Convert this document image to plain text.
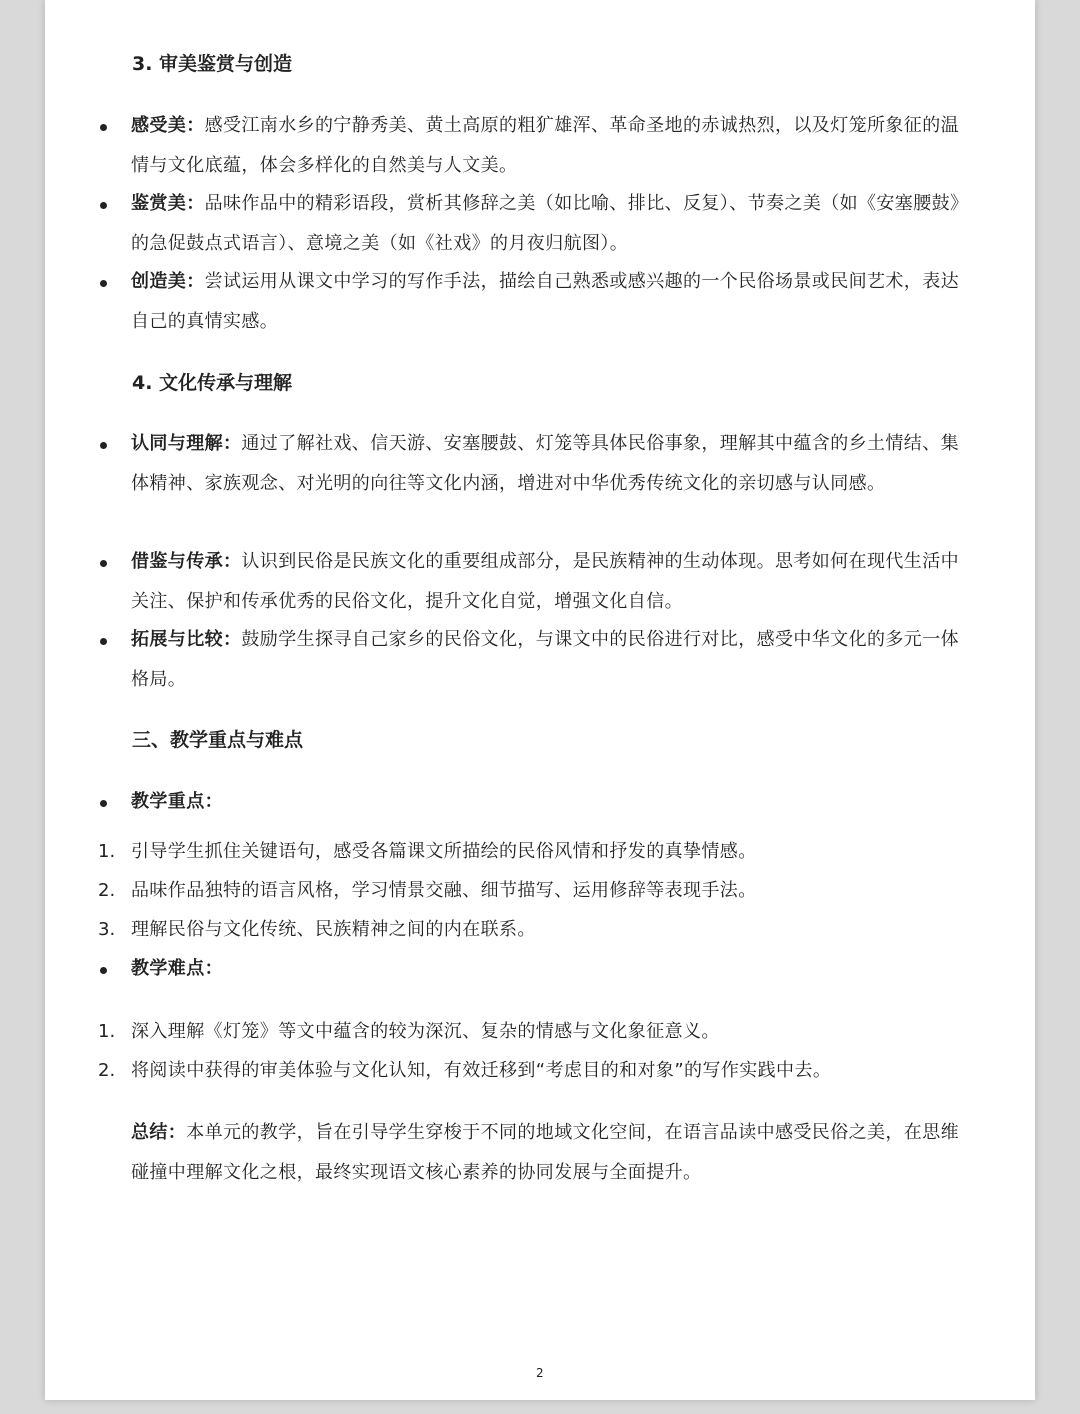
3. 审美鉴赏与创造
感受美：感受江南水乡的宁静秀美、黄土高原的粗犷雄浑、革命圣地的赤诚热烈，以及灯笼所象征的温情与文化底蕴，体会多样化的自然美与人文美。
鉴赏美：品味作品中的精彩语段，赏析其修辞之美（如比喻、排比、反复）、节奏之美（如《安塞腰鼓》的急促鼓点式语言）、意境之美（如《社戏》的月夜归航图）。
创造美：尝试运用从课文中学习的写作手法，描绘自己熟悉或感兴趣的一个民俗场景或民间艺术，表达自己的真情实感。
4. 文化传承与理解
认同与理解：通过了解社戏、信天游、安塞腰鼓、灯笼等具体民俗事象，理解其中蕴含的乡土情结、集体精神、家族观念、对光明的向往等文化内涵，增进对中华优秀传统文化的亲切感与认同感。
借鉴与传承：认识到民俗是民族文化的重要组成部分，是民族精神的生动体现。思考如何在现代生活中关注、保护和传承优秀的民俗文化，提升文化自觉，增强文化自信。
拓展与比较：鼓励学生探寻自己家乡的民俗文化，与课文中的民俗进行对比，感受中华文化的多元一体格局。
三、教学重点与难点
教学重点：
1. 引导学生抓住关键语句，感受各篇课文所描绘的民俗风情和抒发的真挚情感。
2. 品味作品独特的语言风格，学习情景交融、细节描写、运用修辞等表现手法。
3. 理解民俗与文化传统、民族精神之间的内在联系。
教学难点：
1. 深入理解《灯笼》等文中蕴含的较为深沉、复杂的情感与文化象征意义。
2. 将阅读中获得的审美体验与文化认知，有效迁移到“考虑目的和对象”的写作实践中去。
总结：本单元的教学，旨在引导学生穿梭于不同的地域文化空间，在语言品读中感受民俗之美，在思维碰撞中理解文化之根，最终实现语文核心素养的协同发展与全面提升。
2
